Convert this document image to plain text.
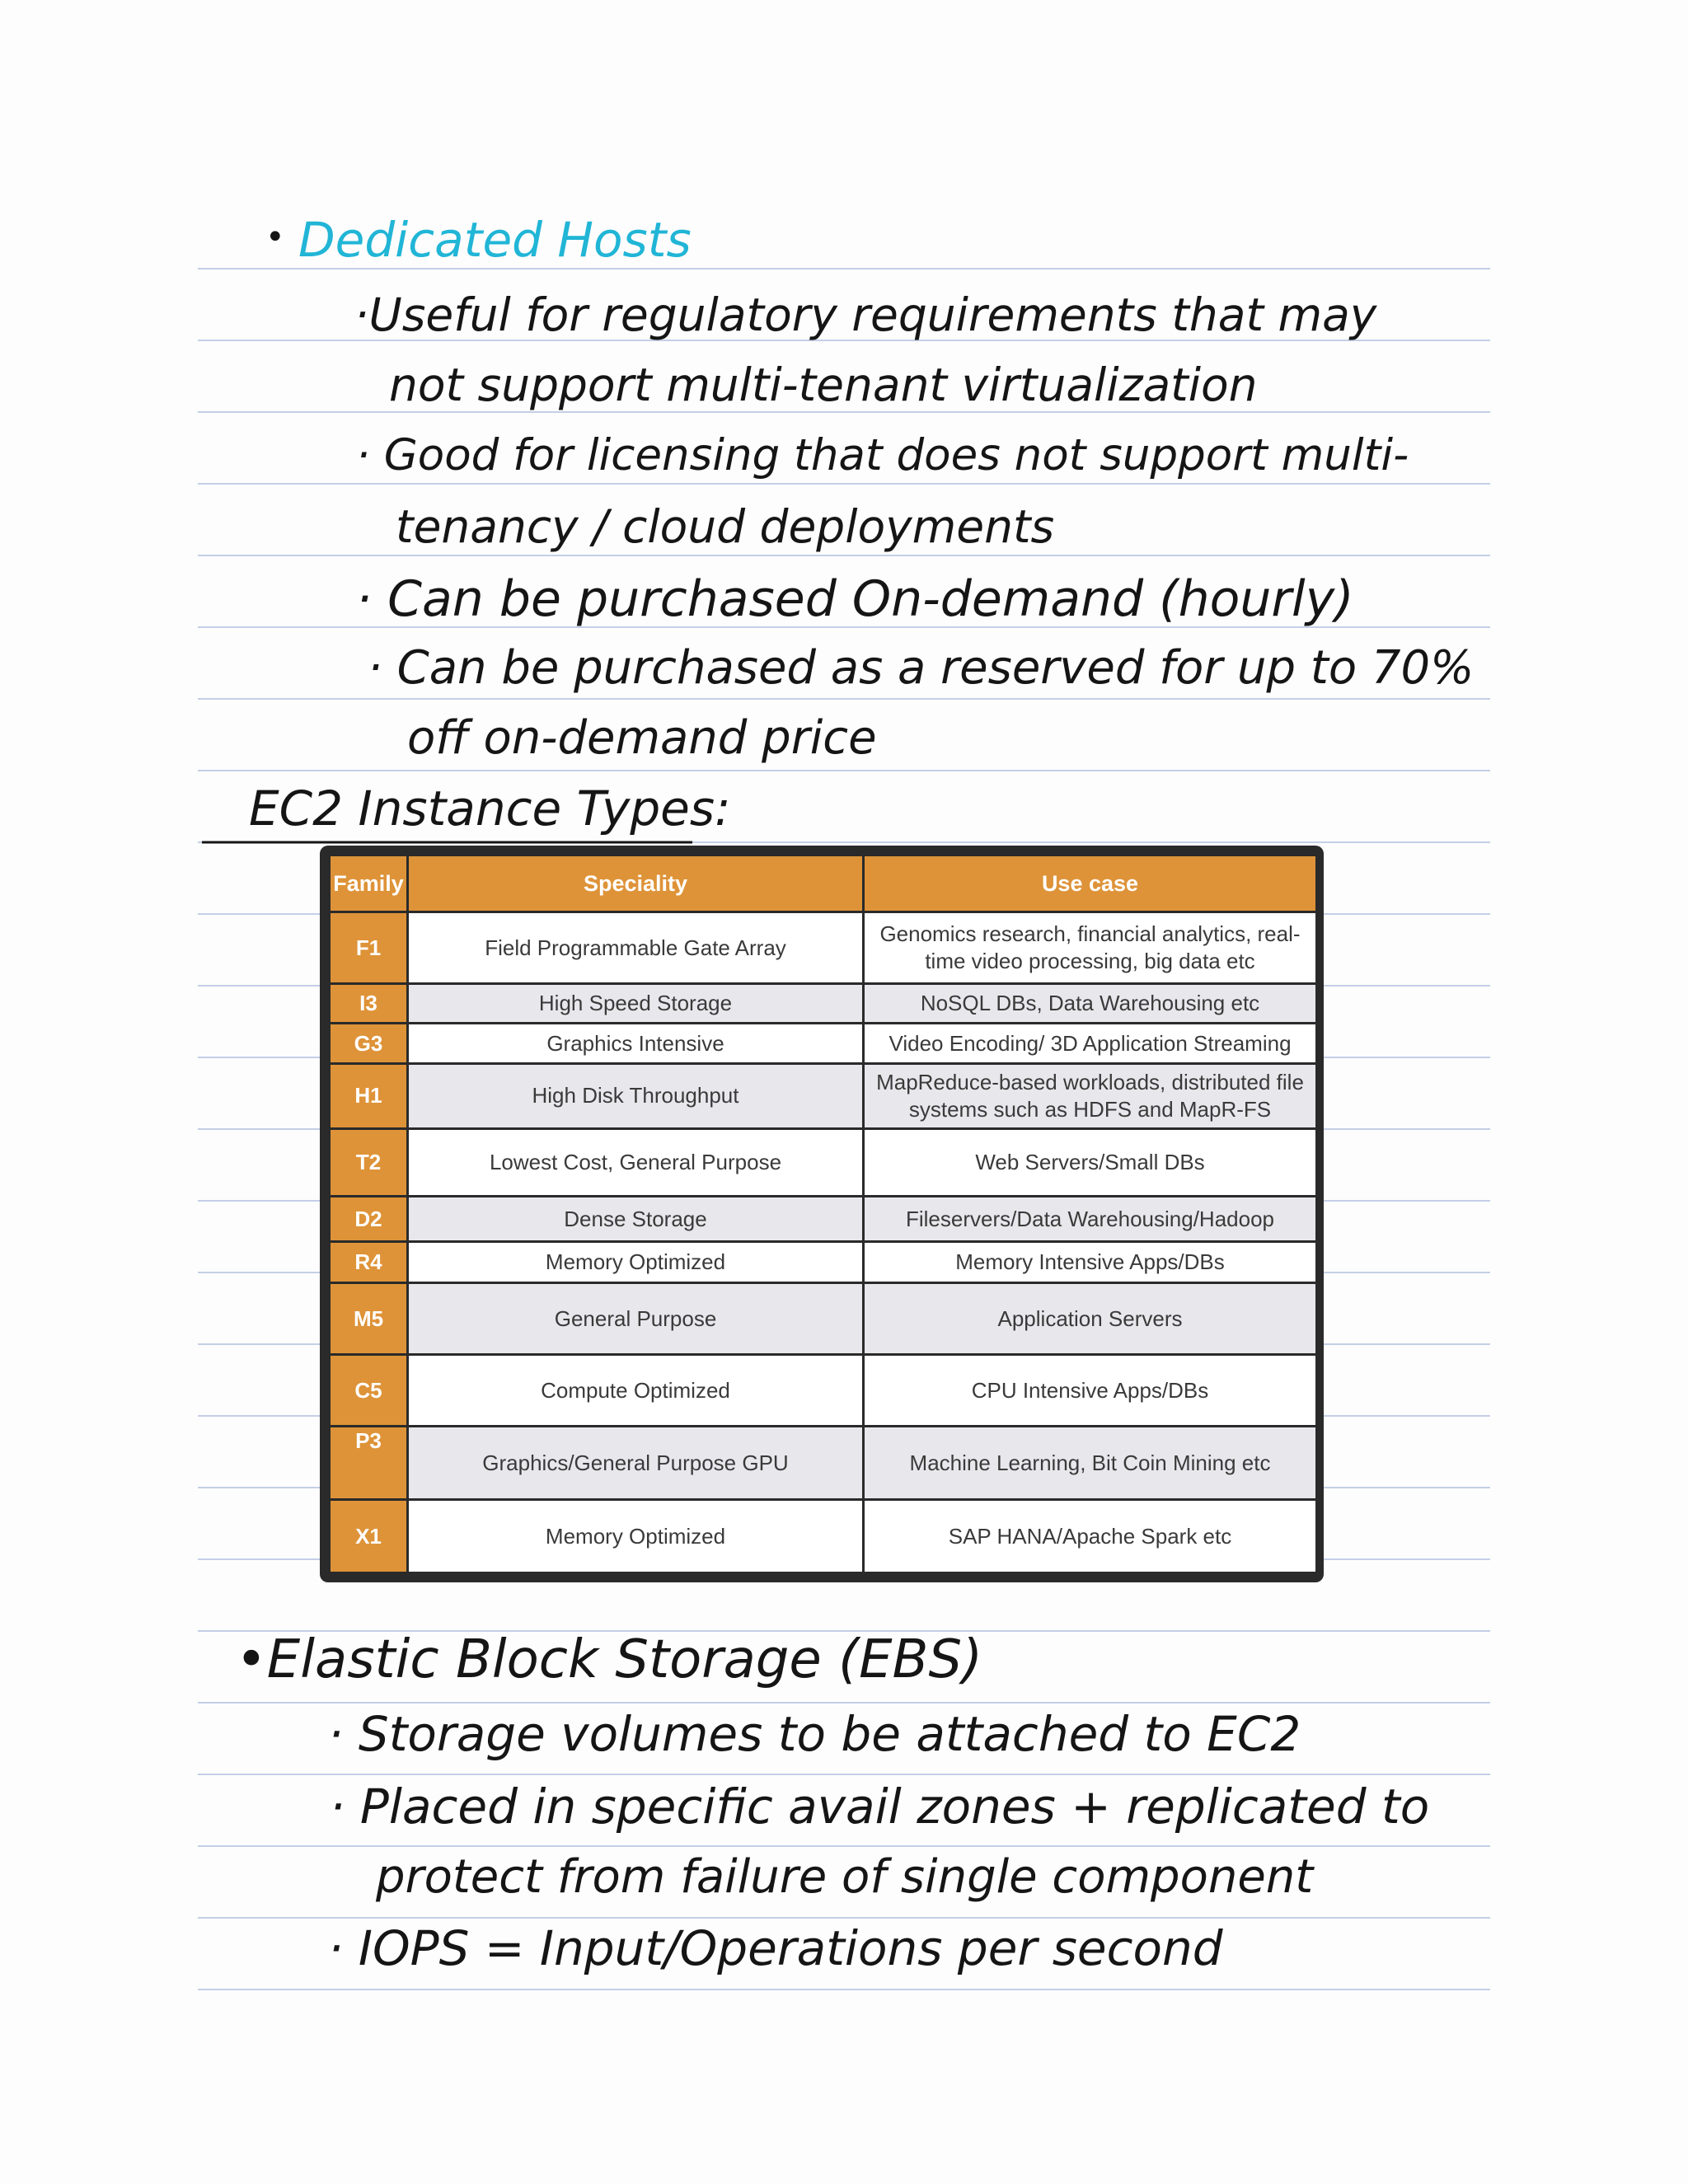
• Dedicated Hosts
·Useful for regulatory requirements that may
not support multi-tenant virtualization
· Good for licensing that does not support multi-
tenancy / cloud deployments
· Can be purchased On-demand (hourly)
· Can be purchased as a reserved for up to 70%
off on-demand price
EC2 Instance Types:
Family	Speciality	Use case
F1	Field Programmable Gate Array	Genomics research, financial analytics, real-time video processing, big data etc
I3	High Speed Storage	NoSQL DBs, Data Warehousing etc
G3	Graphics Intensive	Video Encoding/ 3D Application Streaming
H1	High Disk Throughput	MapReduce-based workloads, distributed file systems such as HDFS and MapR-FS
T2	Lowest Cost, General Purpose	Web Servers/Small DBs
D2	Dense Storage	Fileservers/Data Warehousing/Hadoop
R4	Memory Optimized	Memory Intensive Apps/DBs
M5	General Purpose	Application Servers
C5	Compute Optimized	CPU Intensive Apps/DBs
P3	Graphics/General Purpose GPU	Machine Learning, Bit Coin Mining etc
X1	Memory Optimized	SAP HANA/Apache Spark etc
•Elastic Block Storage (EBS)
· Storage volumes to be attached to EC2
· Placed in specific avail zones + replicated to
protect from failure of single component
· IOPS = Input/Operations per second
